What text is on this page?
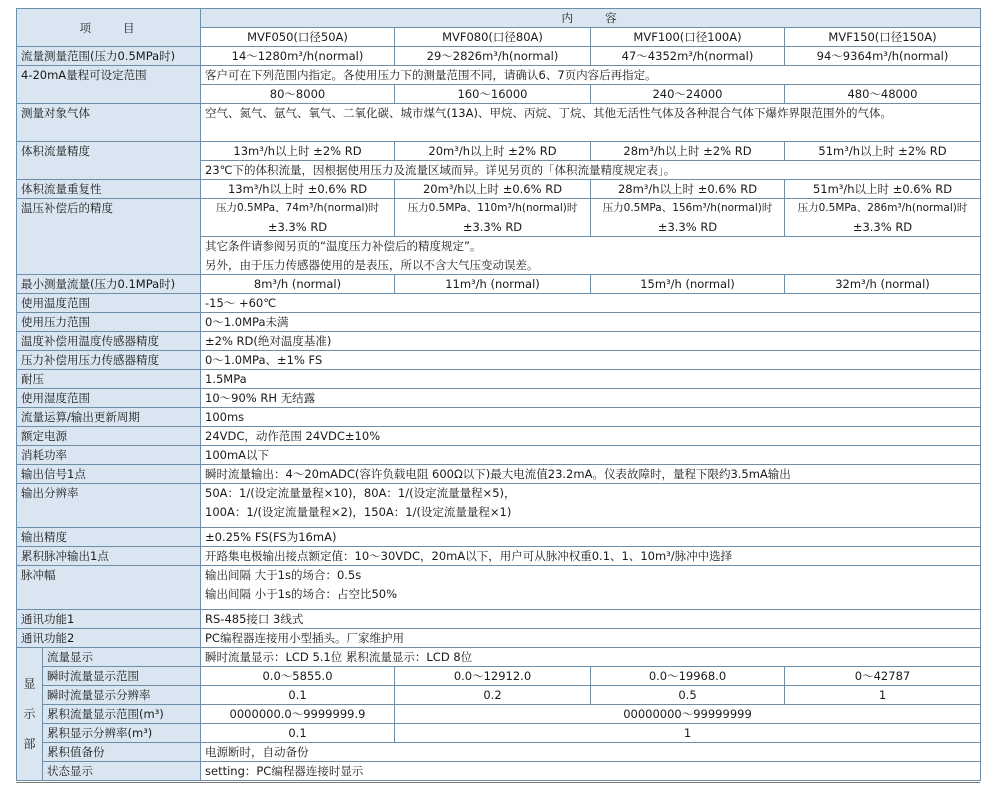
项　　目		内　　容			
		MVF050(口径50A)	MVF080(口径80A)	MVF100(口径100A)	MVF150(口径150A)
流量测量范围(压力0.5MPa时)		14～1280m³/h(normal)	29～2826m³/h(normal)	47～4352m³/h(normal)	94～9364m³/h(normal)
4-20mA量程可设定范围		客户可在下列范围内指定。各使用压力下的测量范围不同，请确认6、7页内容后再指定。			
		80～8000	160～16000	240～24000	480～48000
测量对象气体		空气、氮气、氩气、氧气、二氧化碳、城市煤气(13A)、甲烷、丙烷、丁烷、其他无活性气体及各种混合气体下爆炸界限范围外的气体。			
体积流量精度		13m³/h以上时 ±2% RD	20m³/h以上时 ±2% RD	28m³/h以上时 ±2% RD	51m³/h以上时 ±2% RD
		23℃下的体积流量，因根据使用压力及流量区域而异。详见另页的「体积流量精度规定表」。			
体积流量重复性		13m³/h以上时 ±0.6% RD	20m³/h以上时 ±0.6% RD	28m³/h以上时 ±0.6% RD	51m³/h以上时 ±0.6% RD
温压补偿后的精度		压力0.5MPa、74m³/h(normal)时	压力0.5MPa、110m³/h(normal)时	压力0.5MPa、156m³/h(normal)时	压力0.5MPa、286m³/h(normal)时
		±3.3% RD	±3.3% RD	±3.3% RD	±3.3% RD
		其它条件请参阅另页的“温度压力补偿后的精度规定”。			
		另外，由于压力传感器使用的是表压，所以不含大气压变动误差。			
最小测量流量(压力0.1MPa时)		8m³/h (normal)	11m³/h (normal)	15m³/h (normal)	32m³/h (normal)
使用温度范围		-15～ +60℃			
使用压力范围		0～1.0MPa未满			
温度补偿用温度传感器精度		±2% RD(绝对温度基准)			
压力补偿用压力传感器精度		0～1.0MPa、±1% FS			
耐压		1.5MPa			
使用湿度范围		10～90% RH 无结露			
流量运算/输出更新周期		100ms			
额定电源		24VDC，动作范围 24VDC±10%			
消耗功率		100mA以下			
输出信号1点		瞬时流量输出：4～20mADC(容许负载电阻 600Ω以下)最大电流值23.2mA。仪表故障时，量程下限约3.5mA输出			
输出分辨率		50A：1/(设定流量量程×10)，80A：1/(设定流量量程×5)，			
		100A：1/(设定流量量程×2)，150A：1/(设定流量量程×1)			

输出精度		±0.25% FS(FS为16mA)			
累积脉冲输出1点		开路集电极输出接点额定值：10～30VDC，20mA以下，用户可从脉冲权重0.1、1、10m³/脉冲中选择			
脉冲幅		输出间隔 大于1s的场合：0.5s			
		输出间隔 小于1s的场合：占空比50%			

通讯功能1		RS-485接口 3线式			
通讯功能2		PC编程器连接用小型插头。厂家维护用			

显
示
部	流量显示	瞬时流量显示：LCD 5.1位 累积流量显示：LCD 8位			
	瞬时流量显示范围	0.0～5855.0	0.0～12912.0	0.0～19968.0	0～42787
	瞬时流量显示分辨率	0.1	0.2	0.5	1
	累积流量显示范围(m³)	0000000.0～9999999.9	00000000～99999999		
	累积显示分辨率(m³)	0.1	1		
	累积值备份	电源断时，自动备份			
	状态显示	setting：PC编程器连接时显示			
